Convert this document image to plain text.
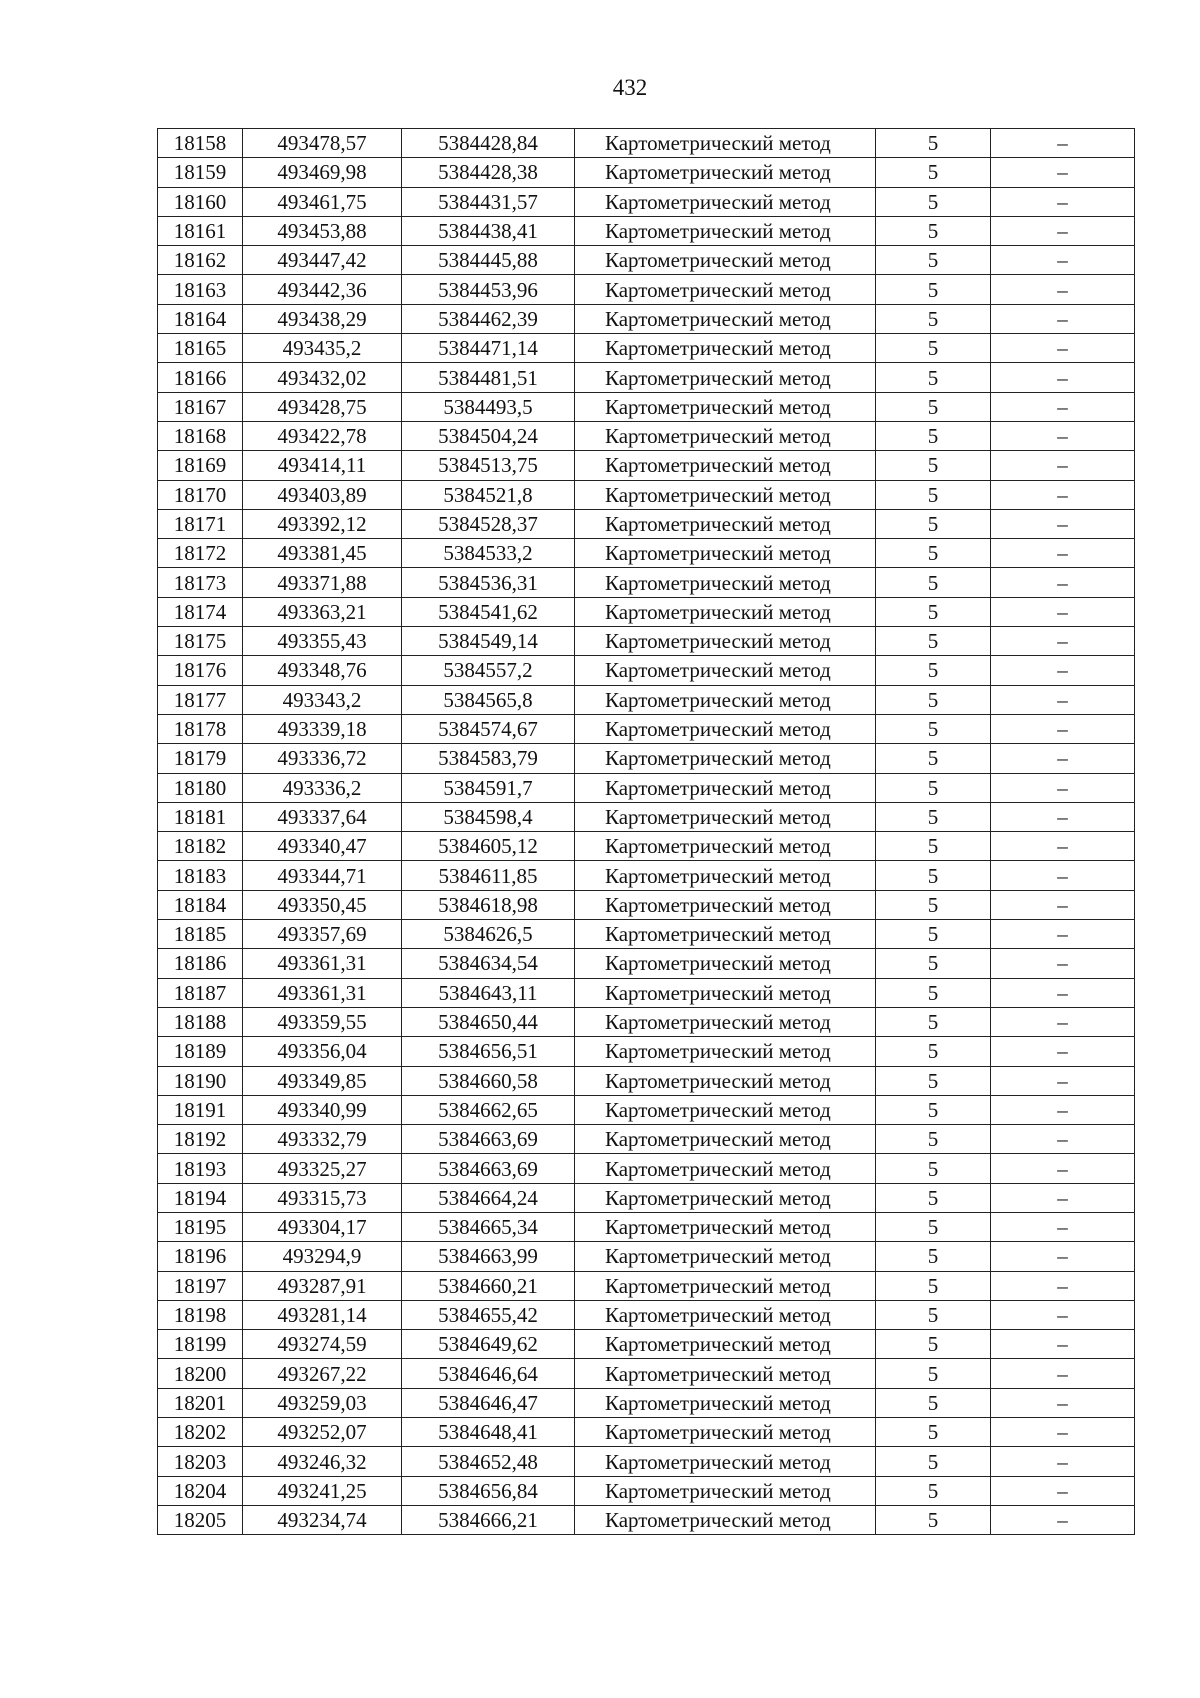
432
18158	493478,57	5384428,84	Картометрический метод	5	–
18159	493469,98	5384428,38	Картометрический метод	5	–
18160	493461,75	5384431,57	Картометрический метод	5	–
18161	493453,88	5384438,41	Картометрический метод	5	–
18162	493447,42	5384445,88	Картометрический метод	5	–
18163	493442,36	5384453,96	Картометрический метод	5	–
18164	493438,29	5384462,39	Картометрический метод	5	–
18165	493435,2	5384471,14	Картометрический метод	5	–
18166	493432,02	5384481,51	Картометрический метод	5	–
18167	493428,75	5384493,5	Картометрический метод	5	–
18168	493422,78	5384504,24	Картометрический метод	5	–
18169	493414,11	5384513,75	Картометрический метод	5	–
18170	493403,89	5384521,8	Картометрический метод	5	–
18171	493392,12	5384528,37	Картометрический метод	5	–
18172	493381,45	5384533,2	Картометрический метод	5	–
18173	493371,88	5384536,31	Картометрический метод	5	–
18174	493363,21	5384541,62	Картометрический метод	5	–
18175	493355,43	5384549,14	Картометрический метод	5	–
18176	493348,76	5384557,2	Картометрический метод	5	–
18177	493343,2	5384565,8	Картометрический метод	5	–
18178	493339,18	5384574,67	Картометрический метод	5	–
18179	493336,72	5384583,79	Картометрический метод	5	–
18180	493336,2	5384591,7	Картометрический метод	5	–
18181	493337,64	5384598,4	Картометрический метод	5	–
18182	493340,47	5384605,12	Картометрический метод	5	–
18183	493344,71	5384611,85	Картометрический метод	5	–
18184	493350,45	5384618,98	Картометрический метод	5	–
18185	493357,69	5384626,5	Картометрический метод	5	–
18186	493361,31	5384634,54	Картометрический метод	5	–
18187	493361,31	5384643,11	Картометрический метод	5	–
18188	493359,55	5384650,44	Картометрический метод	5	–
18189	493356,04	5384656,51	Картометрический метод	5	–
18190	493349,85	5384660,58	Картометрический метод	5	–
18191	493340,99	5384662,65	Картометрический метод	5	–
18192	493332,79	5384663,69	Картометрический метод	5	–
18193	493325,27	5384663,69	Картометрический метод	5	–
18194	493315,73	5384664,24	Картометрический метод	5	–
18195	493304,17	5384665,34	Картометрический метод	5	–
18196	493294,9	5384663,99	Картометрический метод	5	–
18197	493287,91	5384660,21	Картометрический метод	5	–
18198	493281,14	5384655,42	Картометрический метод	5	–
18199	493274,59	5384649,62	Картометрический метод	5	–
18200	493267,22	5384646,64	Картометрический метод	5	–
18201	493259,03	5384646,47	Картометрический метод	5	–
18202	493252,07	5384648,41	Картометрический метод	5	–
18203	493246,32	5384652,48	Картометрический метод	5	–
18204	493241,25	5384656,84	Картометрический метод	5	–
18205	493234,74	5384666,21	Картометрический метод	5	–
